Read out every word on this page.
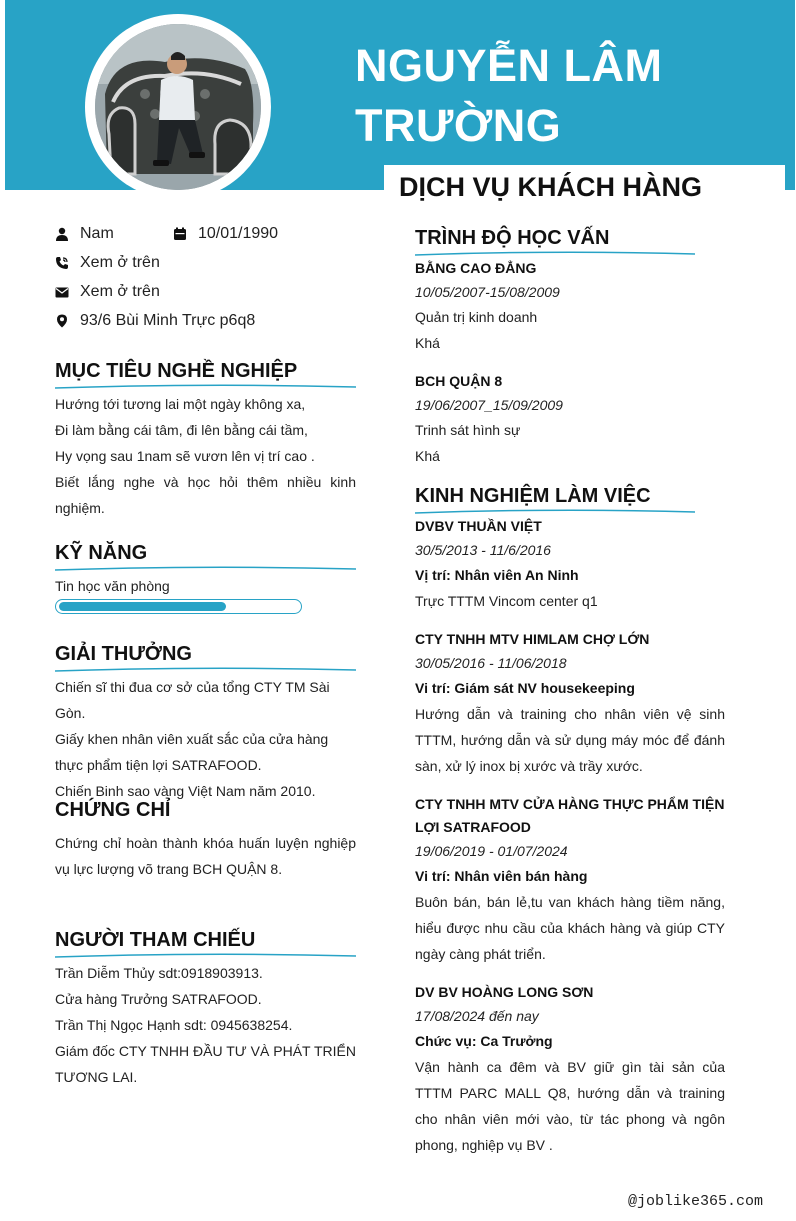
NGUYỄN LÂM
TRƯỜNG
DỊCH VỤ KHÁCH HÀNG
Nam	10/01/1990
Xem ở trên
Xem ở trên
93/6 Bùi Minh Trực p6q8
MỤC TIÊU NGHỀ NGHIỆP
Hướng tới tương lai một ngày không xa,
Đi làm bằng cái tâm, đi lên bằng cái tầm,
Hy vọng sau 1nam sẽ vươn lên vị trí cao .
Biết lắng nghe và học hỏi thêm nhiều kinh nghiệm.
KỸ NĂNG
Tin học văn phòng
GIẢI THƯỞNG
Chiến sĩ thi đua cơ sở của tổng CTY TM Sài Gòn.
Giấy khen nhân viên xuất sắc của cửa hàng thực phẩm tiện lợi SATRAFOOD.
Chiến Binh sao vàng Việt Nam năm 2010.
CHỨNG CHỈ
Chứng chỉ hoàn thành khóa huấn luyện nghiệp vụ lực lượng võ trang BCH QUẬN 8.
NGƯỜI THAM CHIẾU
Trần Diễm Thủy sdt:0918903913.
Cửa hàng Trưởng SATRAFOOD.
Trần Thị Ngọc Hạnh sdt: 0945638254.
Giám đốc CTY TNHH ĐẦU TƯ VÀ PHÁT TRIỂN TƯƠNG LAI.
TRÌNH ĐỘ HỌC VẤN
BẰNG CAO ĐẲNG
10/05/2007-15/08/2009
Quản trị kinh doanh
Khá
BCH QUẬN 8
19/06/2007_15/09/2009
Trinh sát hình sự
Khá
KINH NGHIỆM LÀM VIỆC
DVBV THUẦN VIỆT
30/5/2013 - 11/6/2016
Vị trí: Nhân viên An Ninh
Trực TTTM Vincom center q1
CTY TNHH MTV HIMLAM CHỢ LỚN
30/05/2016 - 11/06/2018
Vi trí: Giám sát NV housekeeping
Hướng dẫn và training cho nhân viên vệ sinh TTTM, hướng dẫn và sử dụng máy móc để đánh sàn, xử lý inox bị xước và trầy xước.
CTY TNHH MTV CỬA HÀNG THỰC PHẨM TIỆN LỢI SATRAFOOD
19/06/2019 - 01/07/2024
Vi trí: Nhân viên bán hàng
Buôn bán, bán lẻ,tu van khách hàng tiềm năng, hiểu được nhu cầu của khách hàng và giúp CTY ngày càng phát triển.
DV BV HOÀNG LONG SƠN
17/08/2024 đến nay
Chức vụ: Ca Trưởng
Vận hành ca đêm và BV giữ gìn tài sản của TTTM PARC MALL Q8, hướng dẫn và training cho nhân viên mới vào, từ tác phong và ngôn phong, nghiệp vụ BV .
@joblike365.com
